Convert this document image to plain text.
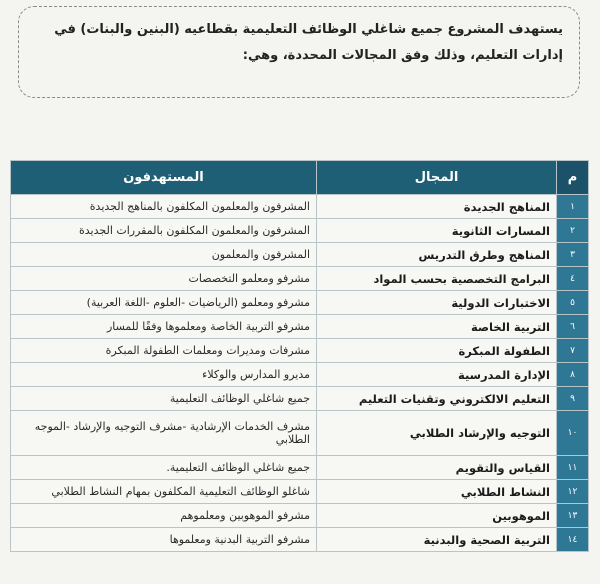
يستهدف المشروع جميع شاغلي الوظائف التعليمية بقطاعيه (البنين والبنات) في إدارات التعليم، وذلك وفق المجالات المحددة، وهي:
م	المجال	المستهدفون
١	المناهج الجديدة	المشرفون والمعلمون المكلفون بالمناهج الجديدة
٢	المسارات الثانوية	المشرفون والمعلمون المكلفون بالمقررات الجديدة
٣	المناهج وطرق التدريس	المشرفون والمعلمون
٤	البرامج التخصصية بحسب المواد	مشرفو ومعلمو التخصصات
٥	الاختبارات الدولية	مشرفو ومعلمو (الرياضيات -العلوم -اللغة العربية)
٦	التربية الخاصة	مشرفو التربية الخاصة ومعلموها وفقًا للمسار
٧	الطفولة المبكرة	مشرفات ومديرات ومعلمات الطفولة المبكرة
٨	الإدارة المدرسية	مديرو المدارس والوكلاء
٩	التعليم الالكتروني وتقنيات التعليم	جميع شاغلي الوظائف التعليمية
١٠	التوجيه والإرشاد الطلابي	مشرف الخدمات الإرشادية -مشرف التوجيه والإرشاد -الموجه الطلابي
١١	القياس والتقويم	جميع شاغلي الوظائف التعليمية.
١٢	النشاط الطلابي	شاغلو الوظائف التعليمية المكلفون بمهام النشاط الطلابي
١٣	الموهوبين	مشرفو الموهوبين ومعلموهم
١٤	التربية الصحية والبدنية	مشرفو التربية البدنية ومعلموها
